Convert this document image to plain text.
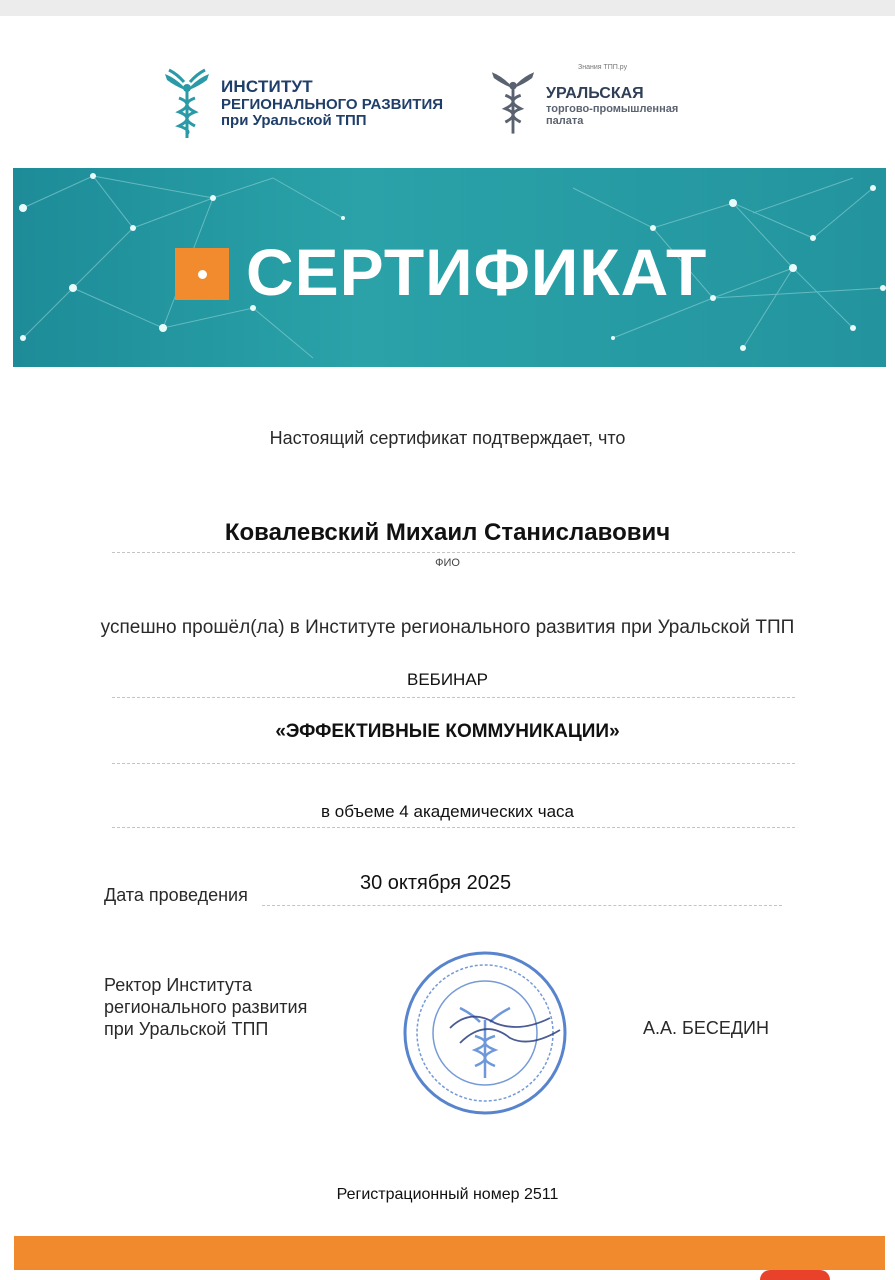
ИНСТИТУТ
РЕГИОНАЛЬНОГО РАЗВИТИЯ
при Уральской ТПП
Знания ТПП.ру
УРАЛЬСКАЯ
торгово-промышленная
палата
СЕРТИФИКАТ
Настоящий сертификат подтверждает, что
Ковалевский Михаил Станиславович
ФИО
успешно прошёл(ла) в Институте регионального развития при Уральской ТПП
ВЕБИНАР
«ЭФФЕКТИВНЫЕ КОММУНИКАЦИИ»
в объеме 4 академических часа
Дата проведения
30 октября 2025
Ректор Института
регионального развития
при Уральской ТПП	А.А. БЕСЕДИН
Регистрационный номер 2511
